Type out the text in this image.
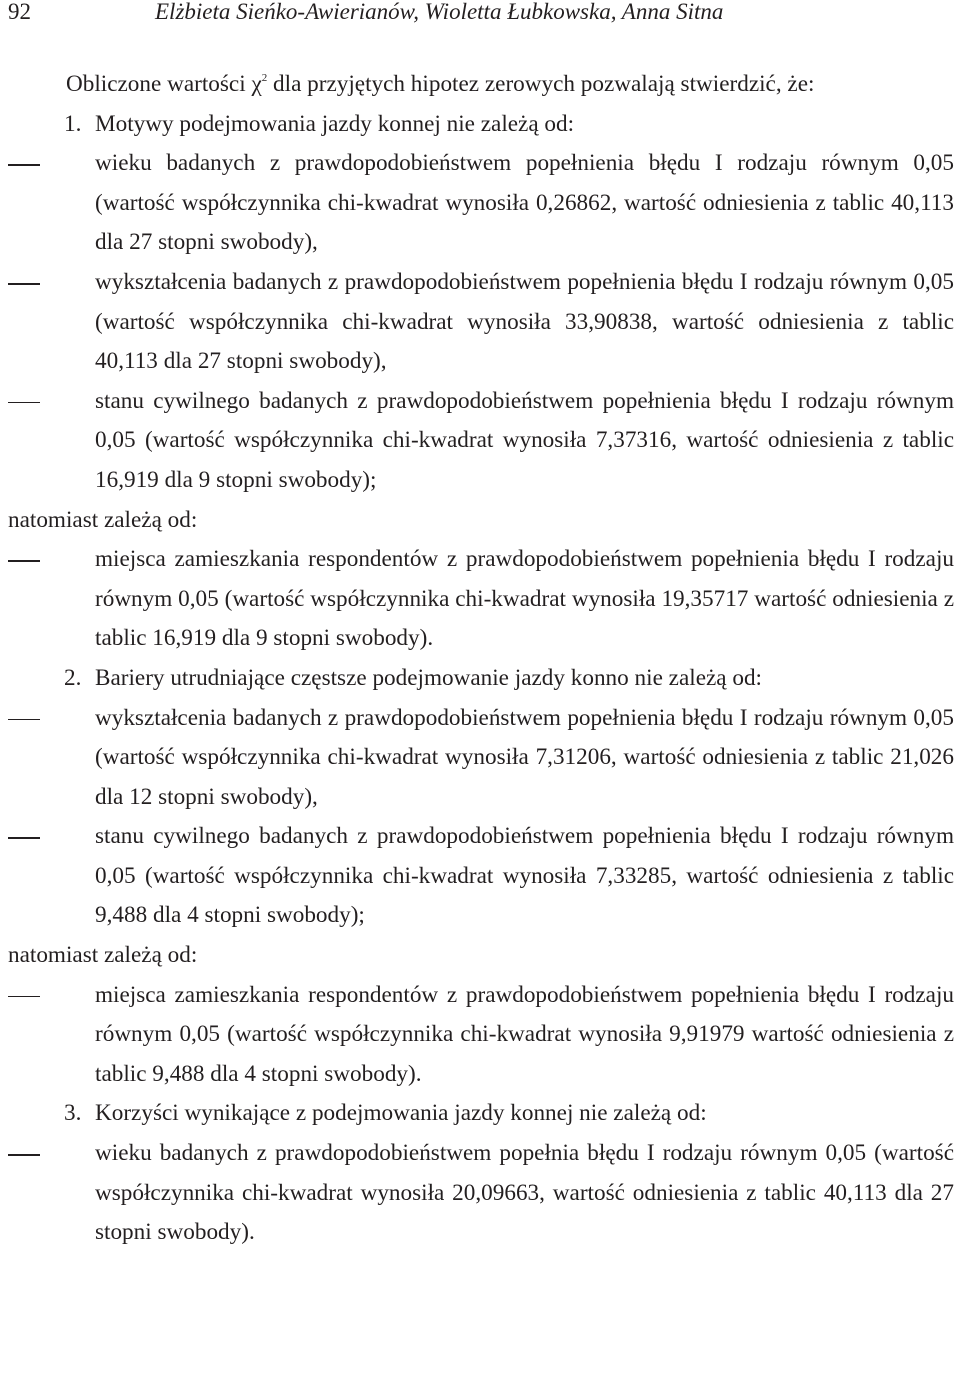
92	Elżbieta Sieńko-Awierianów, Wioletta Łubkowska, Anna Sitna

Obliczone wartości $\chi^2$ dla przyjętych hipotez zerowych pozwalają stwierdzić, że:

1. Motywy podejmowania jazdy konnej nie zależą od:

wieku badanych z prawdopodobieństwem popełnienia błędu I rodzaju równym 0,05 (wartość współczynnika chi-kwadrat wynosiła 0,26862, wartość odniesienia z tablic 40,113 dla 27 stopni swobody),

wykształcenia badanych z prawdopodobieństwem popełnienia błędu I rodzaju równym 0,05 (wartość współczynnika chi-kwadrat wynosiła 33,90838, wartość odniesienia z tablic 40,113 dla 27 stopni swobody),

stanu cywilnego badanych z prawdopodobieństwem popełnienia błędu I rodzaju równym 0,05 (wartość współczynnika chi-kwadrat wynosiła 7,37316, wartość odniesienia z tablic 16,919 dla 9 stopni swobody);

natomiast zależą od:

miejsca zamieszkania respondentów z prawdopodobieństwem popełnienia błędu I rodzaju równym 0,05 (wartość współczynnika chi-kwadrat wynosiła 19,35717 wartość odniesienia z tablic 16,919 dla 9 stopni swobody).

2. Bariery utrudniające częstsze podejmowanie jazdy konno nie zależą od:

wykształcenia badanych z prawdopodobieństwem popełnienia błędu I rodzaju równym 0,05 (wartość współczynnika chi-kwadrat wynosiła 7,31206, wartość odniesienia z tablic 21,026 dla 12 stopni swobody),

stanu cywilnego badanych z prawdopodobieństwem popełnienia błędu I rodzaju równym 0,05 (wartość współczynnika chi-kwadrat wynosiła 7,33285, wartość odniesienia z tablic 9,488 dla 4 stopni swobody);

natomiast zależą od:

miejsca zamieszkania respondentów z prawdopodobieństwem popełnienia błędu I rodzaju równym 0,05 (wartość współczynnika chi-kwadrat wynosiła 9,91979 wartość odniesienia z tablic 9,488 dla 4 stopni swobody).

3. Korzyści wynikające z podejmowania jazdy konnej nie zależą od:

wieku badanych z prawdopodobieństwem popełnia błędu I rodzaju równym 0,05 (wartość współczynnika chi-kwadrat wynosiła 20,09663, wartość odniesienia z tablic 40,113 dla 27 stopni swobody).
